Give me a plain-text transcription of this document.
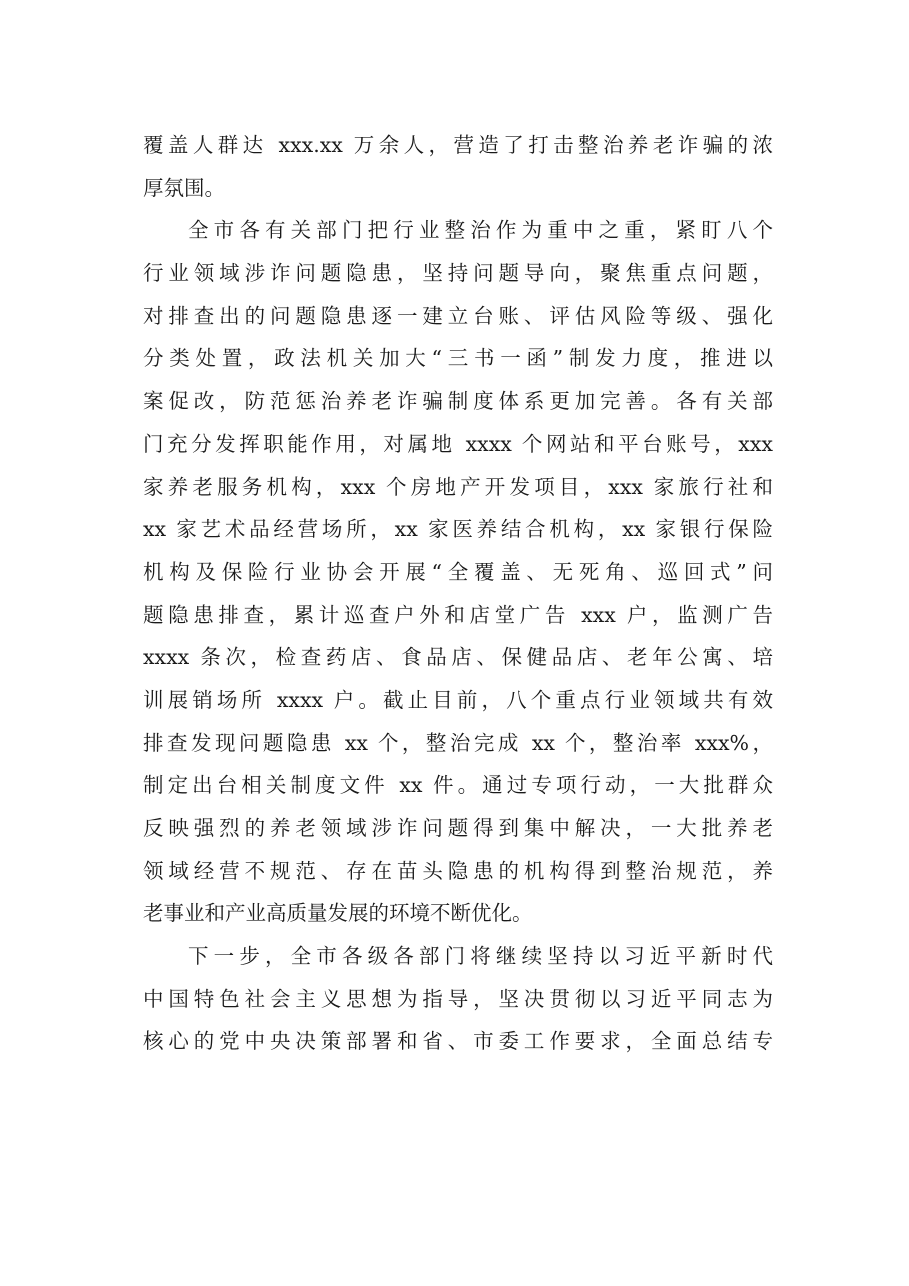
覆盖人群达 xxx.xx 万余人，营造了打击整治养老诈骗的浓
厚氛围。
全市各有关部门把行业整治作为重中之重，紧盯八个
行业领域涉诈问题隐患，坚持问题导向，聚焦重点问题，
对排查出的问题隐患逐一建立台账、评估风险等级、强化
分类处置，政法机关加大“三书一函”制发力度，推进以
案促改，防范惩治养老诈骗制度体系更加完善。各有关部
门充分发挥职能作用，对属地 xxxx 个网站和平台账号，xxx
家养老服务机构，xxx 个房地产开发项目，xxx 家旅行社和
xx 家艺术品经营场所，xx 家医养结合机构，xx 家银行保险
机构及保险行业协会开展“全覆盖、无死角、巡回式”问
题隐患排查，累计巡查户外和店堂广告 xxx 户，监测广告
xxxx 条次，检查药店、食品店、保健品店、老年公寓、培
训展销场所 xxxx 户。截止目前，八个重点行业领域共有效
排查发现问题隐患 xx 个，整治完成 xx 个，整治率 xxx%，
制定出台相关制度文件 xx 件。通过专项行动，一大批群众
反映强烈的养老领域涉诈问题得到集中解决，一大批养老
领域经营不规范、存在苗头隐患的机构得到整治规范，养
老事业和产业高质量发展的环境不断优化。
下一步，全市各级各部门将继续坚持以习近平新时代
中国特色社会主义思想为指导，坚决贯彻以习近平同志为
核心的党中央决策部署和省、市委工作要求，全面总结专
